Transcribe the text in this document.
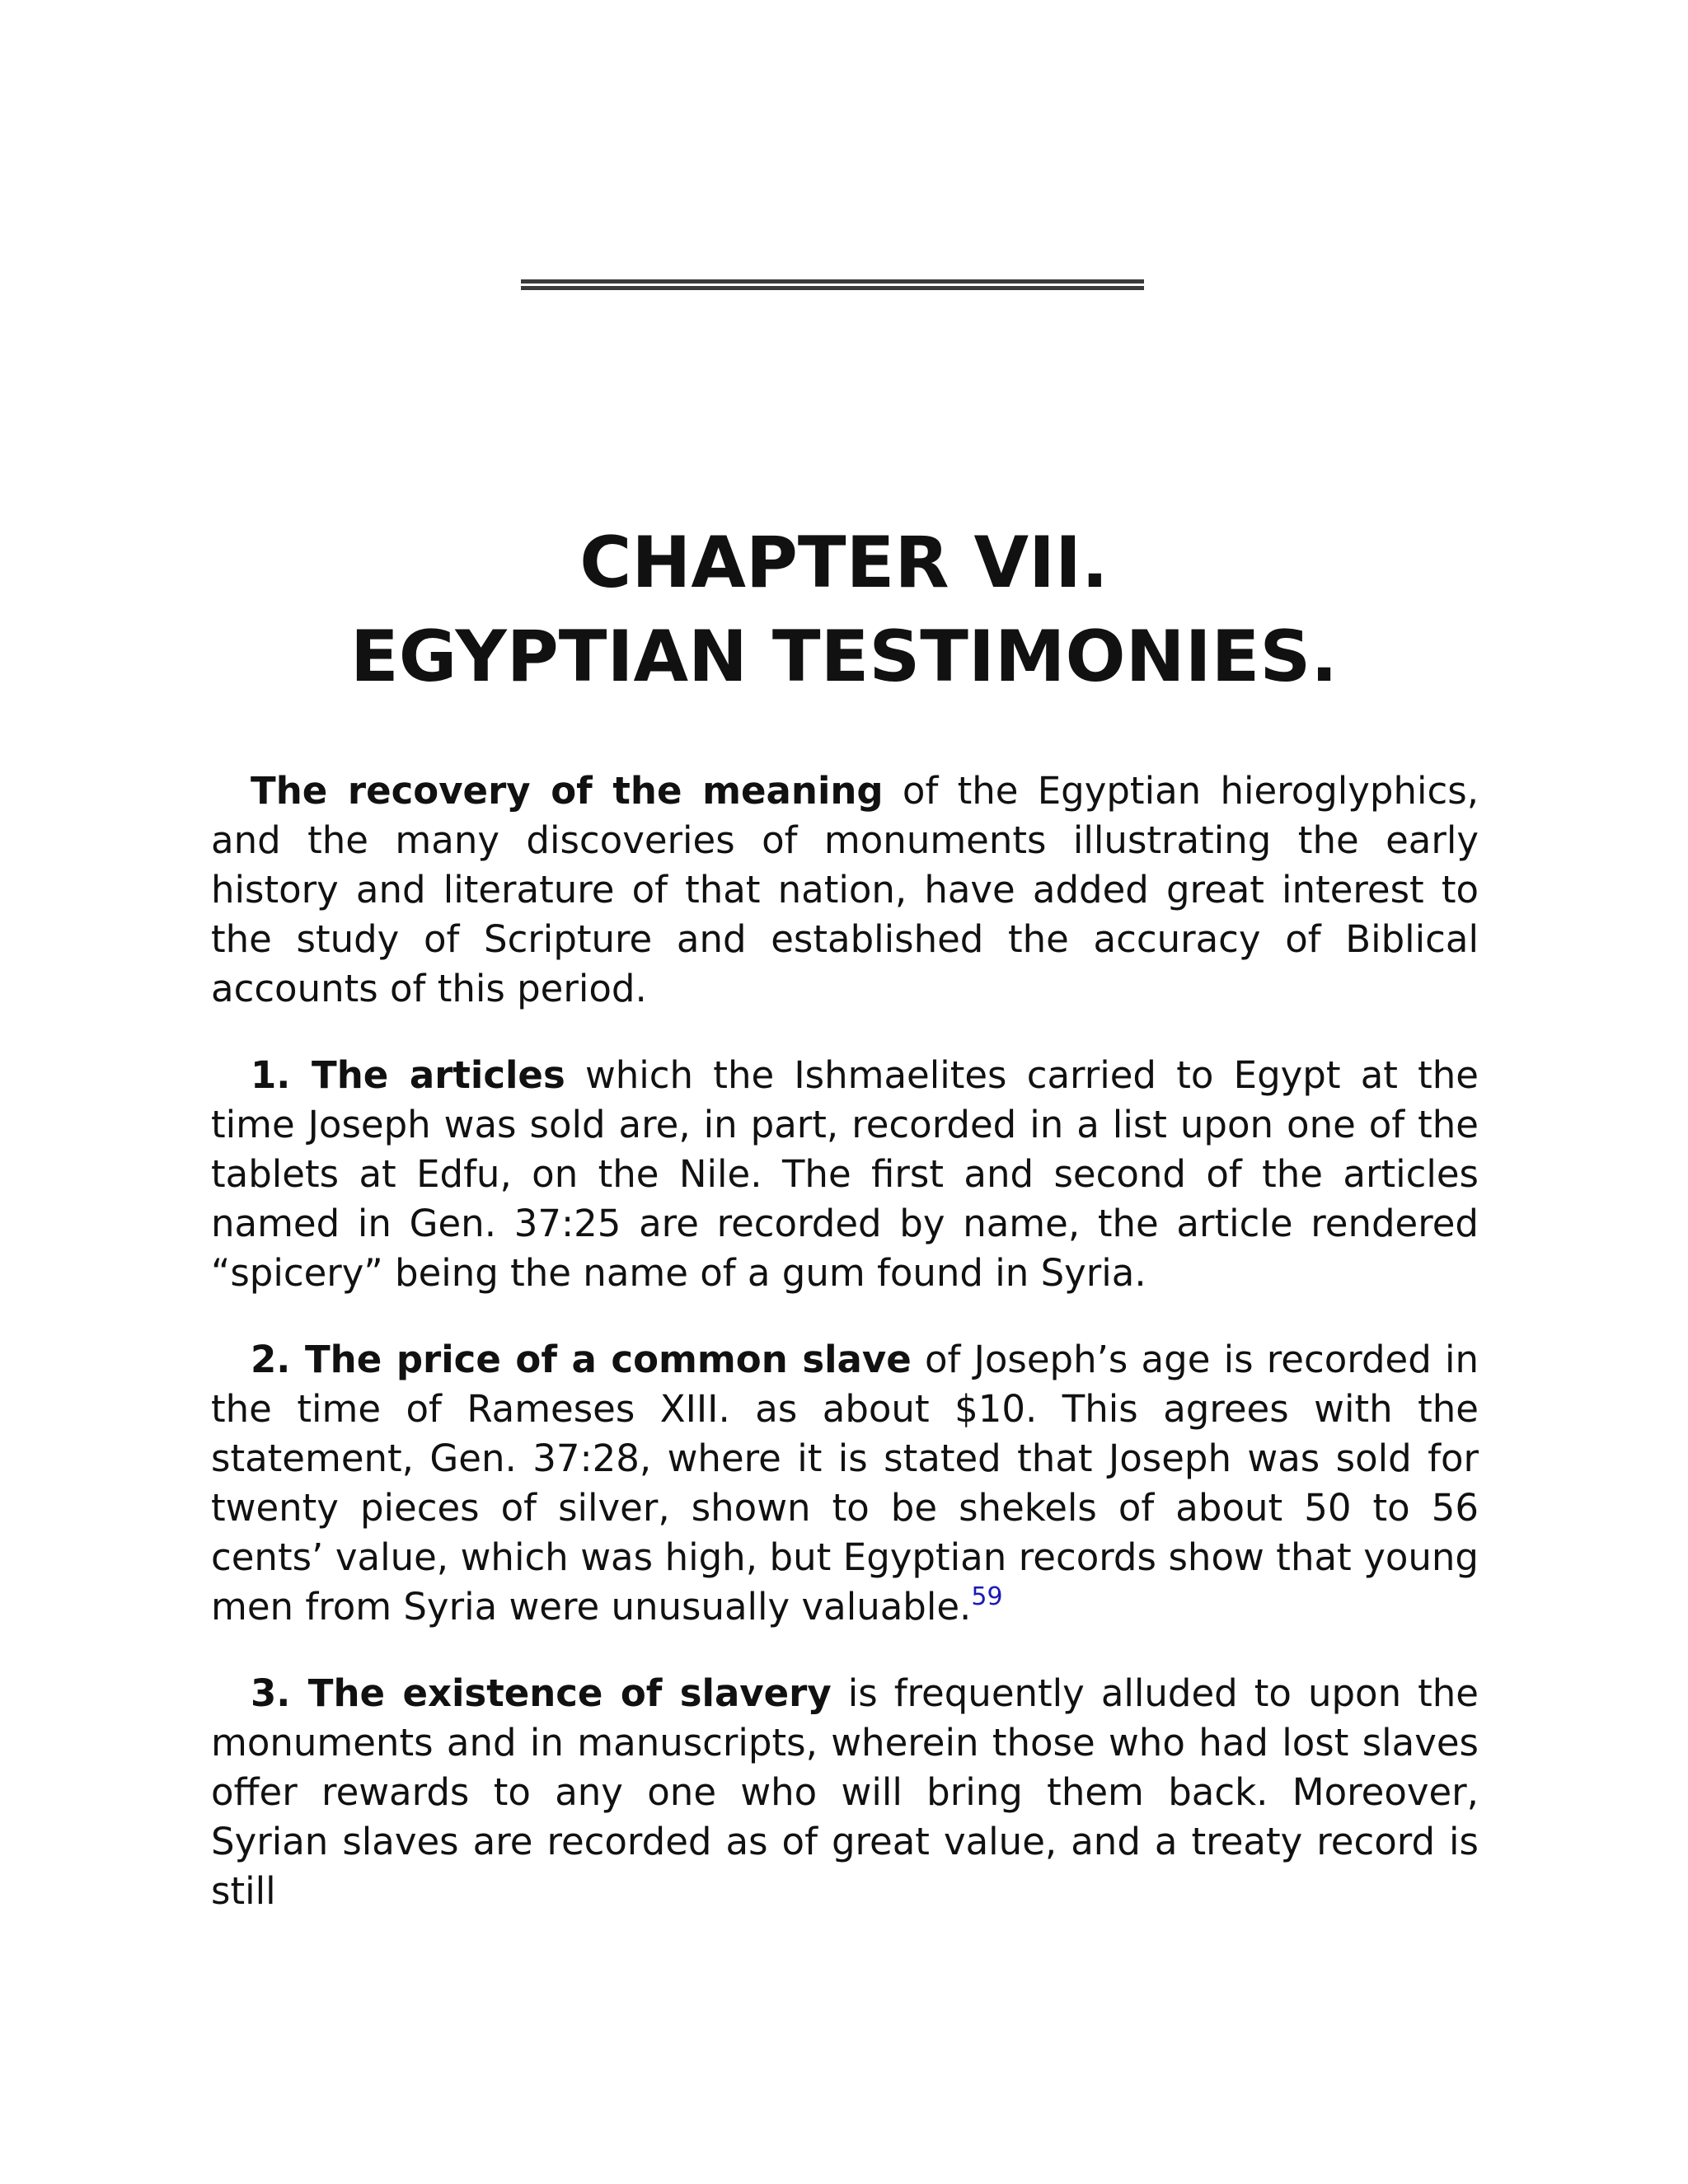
CHAPTER VII.
EGYPTIAN TESTIMONIES.

The recovery of the meaning of the Egyptian hieroglyphics, and the many discoveries of monuments illustrating the early history and literature of that nation, have added great interest to the study of Scripture and established the accuracy of Biblical accounts of this period.

1. The articles which the Ishmaelites carried to Egypt at the time Joseph was sold are, in part, recorded in a list upon one of the tablets at Edfu, on the Nile. The first and second of the articles named in Gen. 37:25 are recorded by name, the article rendered “spicery” being the name of a gum found in Syria.

2. The price of a common slave of Joseph’s age is recorded in the time of Rameses XIII. as about $10. This agrees with the statement, Gen. 37:28, where it is stated that Joseph was sold for twenty pieces of silver, shown to be shekels of about 50 to 56 cents’ value, which was high, but Egyptian records show that young men from Syria were unusually valuable.$^{59}$

3. The existence of slavery is frequently alluded to upon the monuments and in manuscripts, wherein those who had lost slaves offer rewards to any one who will bring them back. Moreover, Syrian slaves are recorded as of great value, and a treaty record is still
